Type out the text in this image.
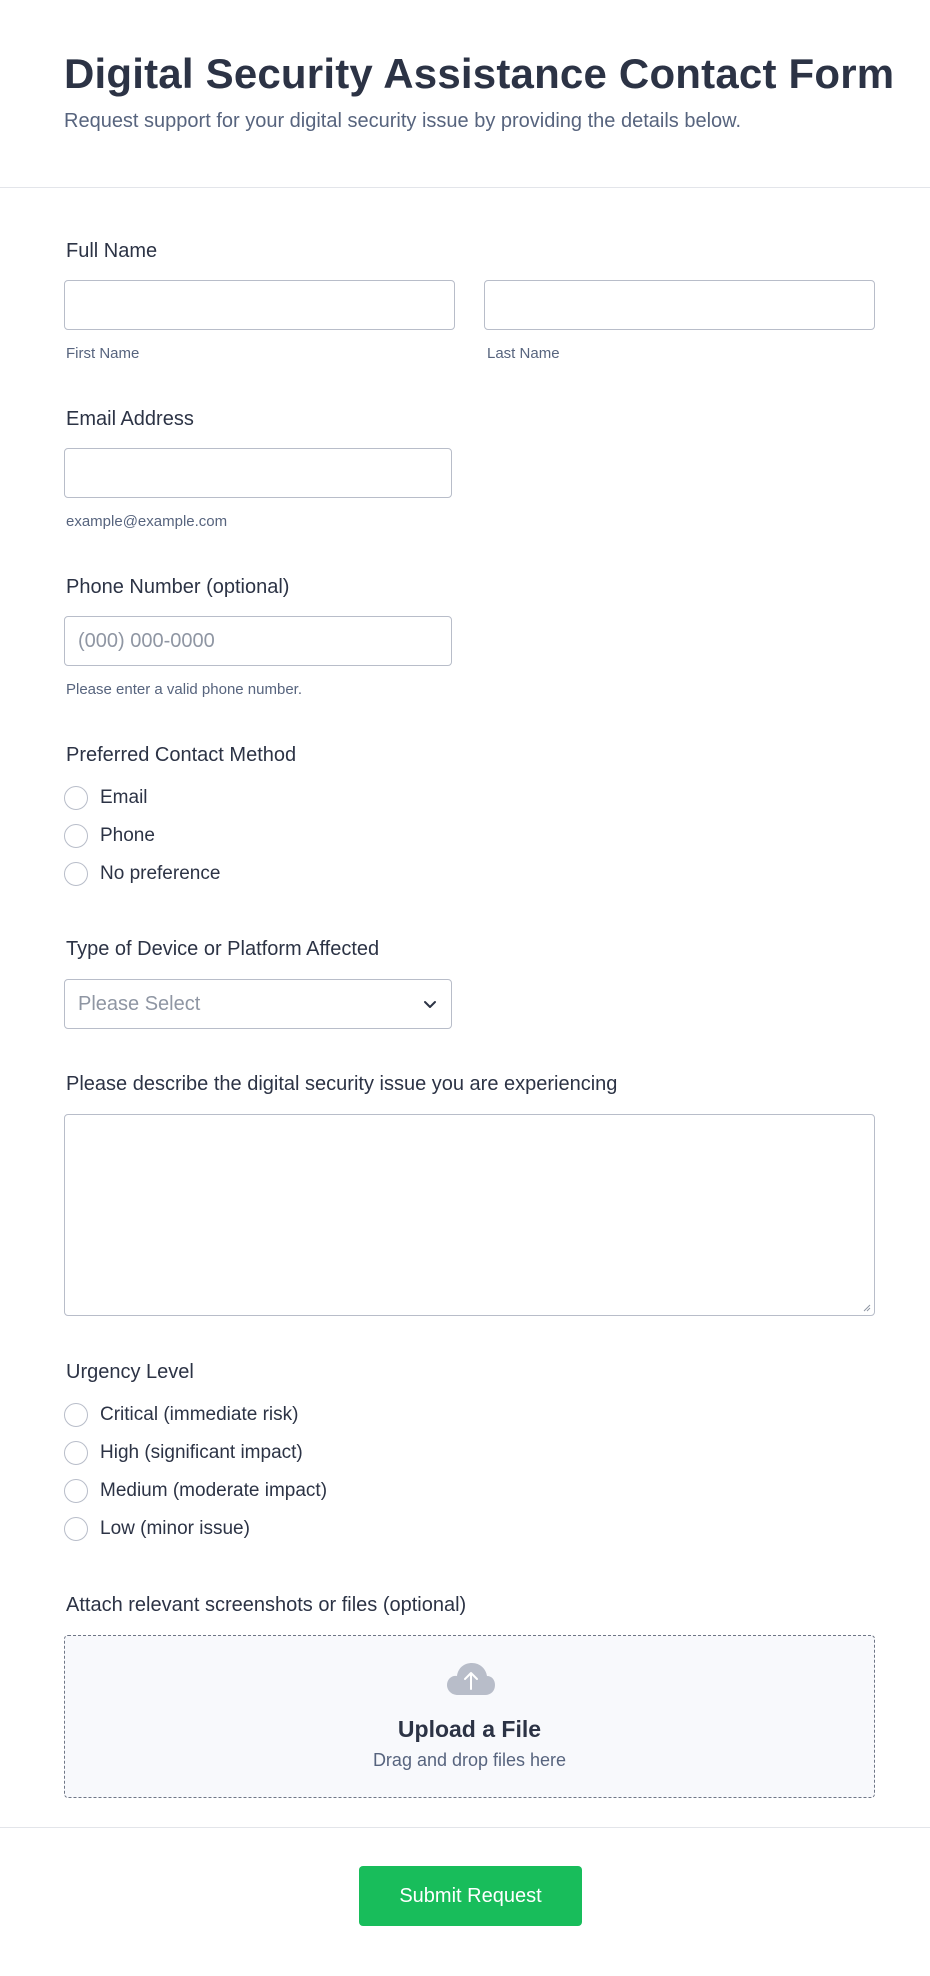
Digital Security Assistance Contact Form

Request support for your digital security issue by providing the details below.

Full Name
First Name	Last Name
Email Address
example@example.com
Phone Number (optional)
(000) 000-0000
Please enter a valid phone number.
Preferred Contact Method
Email
Phone
No preference
Type of Device or Platform Affected
Please Select
Please describe the digital security issue you are experiencing
Urgency Level
Critical (immediate risk)
High (significant impact)
Medium (moderate impact)
Low (minor issue)
Attach relevant screenshots or files (optional)
Upload a File
Drag and drop files here
Submit Request
